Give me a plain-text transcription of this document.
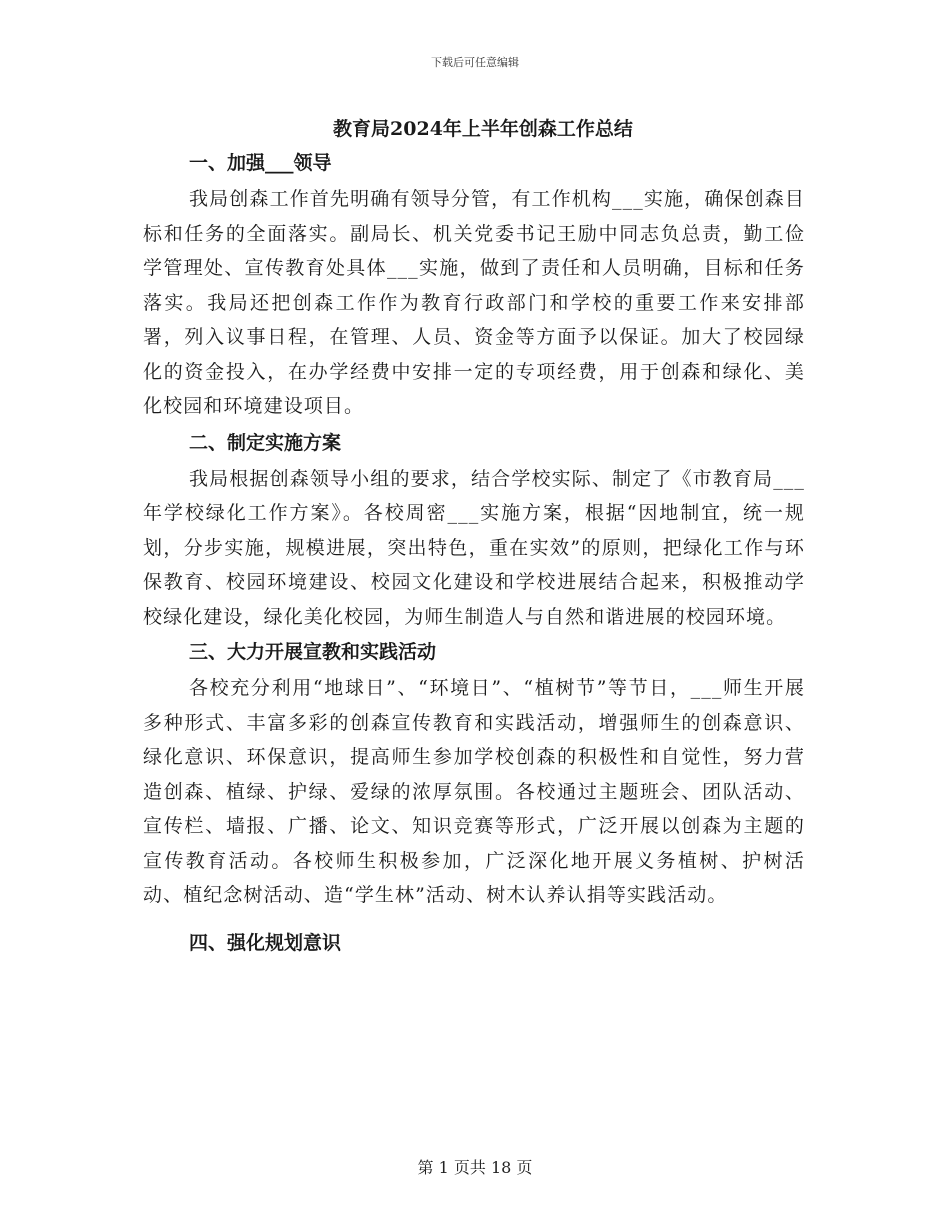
下载后可任意编辑
教育局2024年上半年创森工作总结
一、加强___领导

我局创森工作首先明确有领导分管，有工作机构___实施，确保创森目标和任务的全面落实。副局长、机关党委书记王励中同志负总责，勤工俭学管理处、宣传教育处具体___实施，做到了责任和人员明确，目标和任务落实。我局还把创森工作作为教育行政部门和学校的重要工作来安排部署，列入议事日程，在管理、人员、资金等方面予以保证。加大了校园绿化的资金投入，在办学经费中安排一定的专项经费，用于创森和绿化、美化校园和环境建设项目。

二、制定实施方案

我局根据创森领导小组的要求，结合学校实际、制定了《市教育局___年学校绿化工作方案》。各校周密___实施方案，根据“因地制宜，统一规划，分步实施，规模进展，突出特色，重在实效”的原则，把绿化工作与环保教育、校园环境建设、校园文化建设和学校进展结合起来，积极推动学校绿化建设，绿化美化校园，为师生制造人与自然和谐进展的校园环境。

三、大力开展宣教和实践活动

各校充分利用“地球日”、“环境日”、“植树节”等节日，___师生开展多种形式、丰富多彩的创森宣传教育和实践活动，增强师生的创森意识、绿化意识、环保意识，提高师生参加学校创森的积极性和自觉性，努力营造创森、植绿、护绿、爱绿的浓厚氛围。各校通过主题班会、团队活动、宣传栏、墙报、广播、论文、知识竞赛等形式，广泛开展以创森为主题的宣传教育活动。各校师生积极参加，广泛深化地开展义务植树、护树活动、植纪念树活动、造“学生林”活动、树木认养认捐等实践活动。

四、强化规划意识
第 1 页共 18 页
